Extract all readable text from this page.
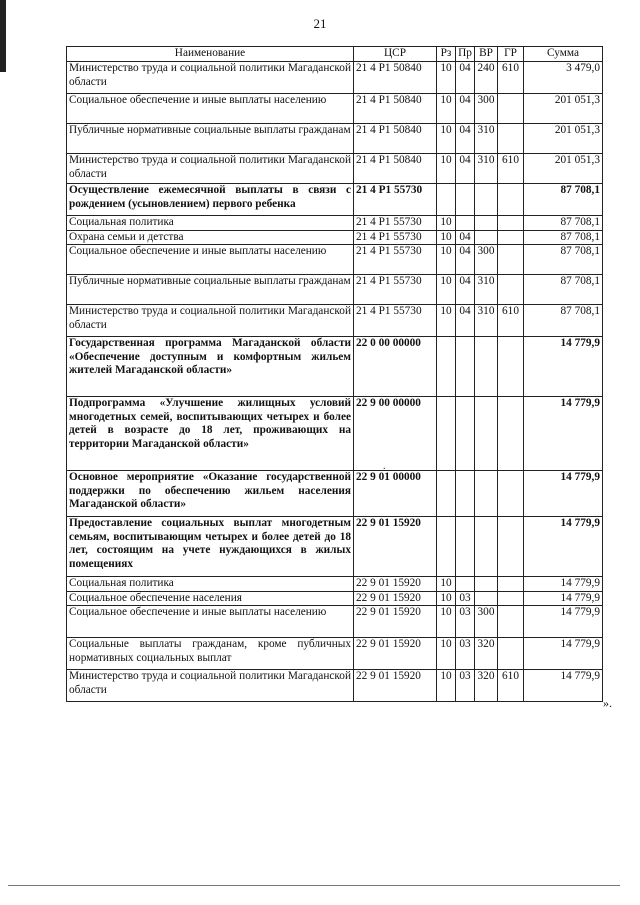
21
Наименование	ЦСР	Рз	Пр	ВР	ГР	Сумма
Министерство труда и социальной политики Магаданской области	21 4 P1 50840	10	04	240	610	3 479,0
Социальное обеспечение и иные выплаты населению	21 4 P1 50840	10	04	300		201 051,3
Публичные нормативные социальные выплаты гражданам	21 4 P1 50840	10	04	310		201 051,3
Министерство труда и социальной политики Магаданской области	21 4 P1 50840	10	04	310	610	201 051,3
Осуществление ежемесячной выплаты в связи с рождением (усыновлением) первого ребенка	21 4 P1 55730					87 708,1
Социальная политика	21 4 P1 55730	10				87 708,1
Охрана семьи и детства	21 4 P1 55730	10	04			87 708,1
Социальное обеспечение и иные выплаты населению	21 4 P1 55730	10	04	300		87 708,1
Публичные нормативные социальные выплаты гражданам	21 4 P1 55730	10	04	310		87 708,1
Министерство труда и социальной политики Магаданской области	21 4 P1 55730	10	04	310	610	87 708,1
Государственная программа Магаданской области «Обеспечение доступным и комфортным жильем жителей Магаданской области»	22 0 00 00000					14 779,9
Подпрограмма «Улучшение жилищных условий многодетных семей, воспитывающих четырех и более детей в возрасте до 18 лет, проживающих на территории Магаданской области»	22 9 00 00000					14 779,9
Основное мероприятие «Оказание государственной поддержки по обеспечению жильем населения Магаданской области»	22 9 01 00000					14 779,9
Предоставление социальных выплат многодетным семьям, воспитывающим четырех и более детей до 18 лет, состоящим на учете нуждающихся в жилых помещениях	22 9 01 15920					14 779,9
Социальная политика	22 9 01 15920	10				14 779,9
Социальное обеспечение населения	22 9 01 15920	10	03			14 779,9
Социальное обеспечение и иные выплаты населению	22 9 01 15920	10	03	300		14 779,9
Социальные выплаты гражданам, кроме публичных нормативных социальных выплат	22 9 01 15920	10	03	320		14 779,9
Министерство труда и социальной политики Магаданской области	22 9 01 15920	10	03	320	610	14 779,9
».
.
